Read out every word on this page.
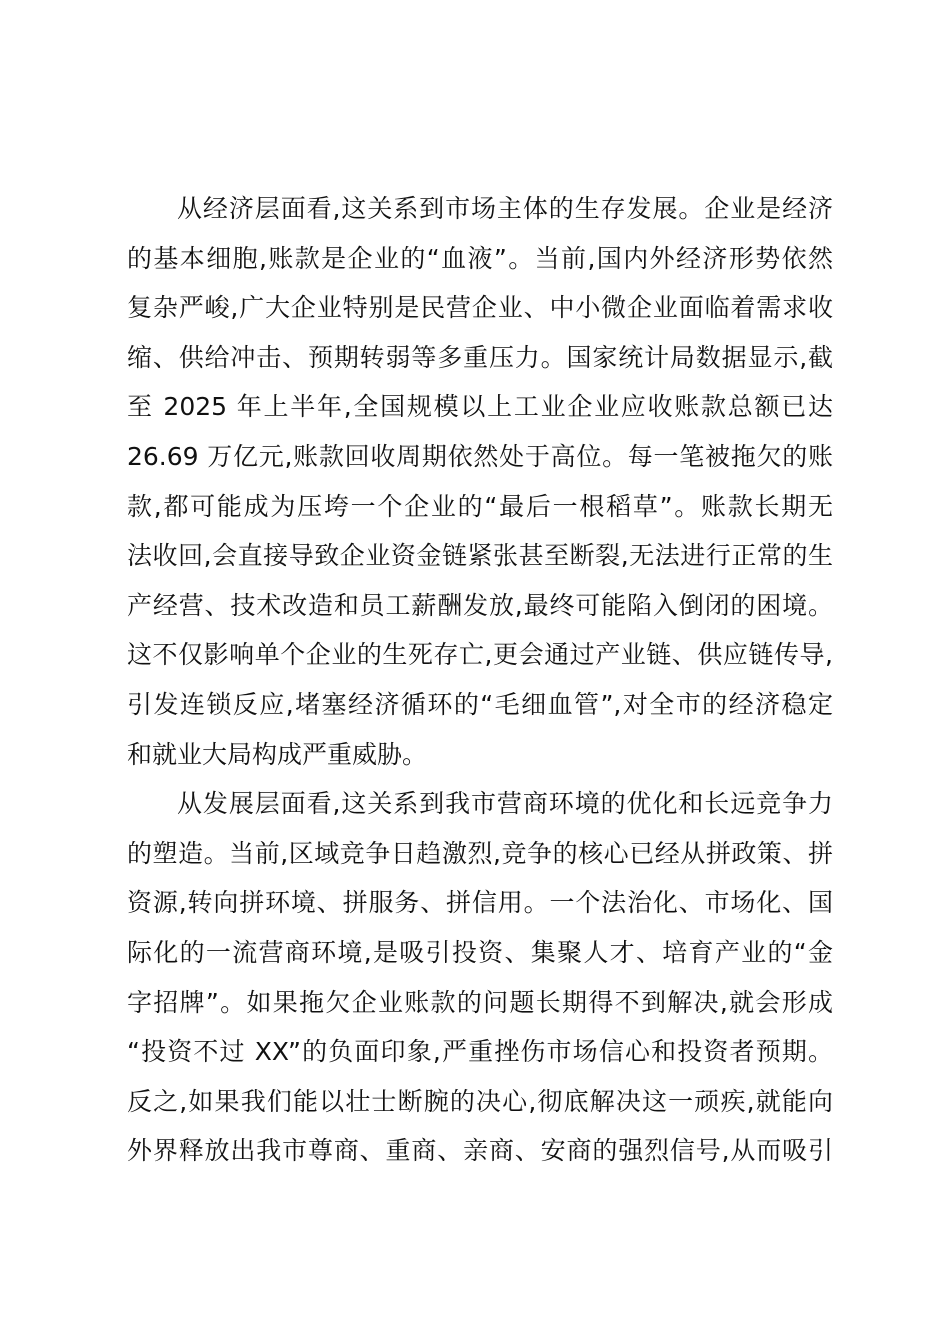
从经济层面看,这关系到市场主体的生存发展。企业是经济
的基本细胞,账款是企业的“血液”。当前,国内外经济形势依然
复杂严峻,广大企业特别是民营企业、中小微企业面临着需求收
缩、供给冲击、预期转弱等多重压力。国家统计局数据显示,截
至 2025 年上半年,全国规模以上工业企业应收账款总额已达
26.69 万亿元,账款回收周期依然处于高位。每一笔被拖欠的账
款,都可能成为压垮一个企业的“最后一根稻草”。账款长期无
法收回,会直接导致企业资金链紧张甚至断裂,无法进行正常的生
产经营、技术改造和员工薪酬发放,最终可能陷入倒闭的困境。
这不仅影响单个企业的生死存亡,更会通过产业链、供应链传导,
引发连锁反应,堵塞经济循环的“毛细血管”,对全市的经济稳定
和就业大局构成严重威胁。
从发展层面看,这关系到我市营商环境的优化和长远竞争力
的塑造。当前,区域竞争日趋激烈,竞争的核心已经从拼政策、拼
资源,转向拼环境、拼服务、拼信用。一个法治化、市场化、国
际化的一流营商环境,是吸引投资、集聚人才、培育产业的“金
字招牌”。如果拖欠企业账款的问题长期得不到解决,就会形成
“投资不过 XX”的负面印象,严重挫伤市场信心和投资者预期。
反之,如果我们能以壮士断腕的决心,彻底解决这一顽疾,就能向
外界释放出我市尊商、重商、亲商、安商的强烈信号,从而吸引
